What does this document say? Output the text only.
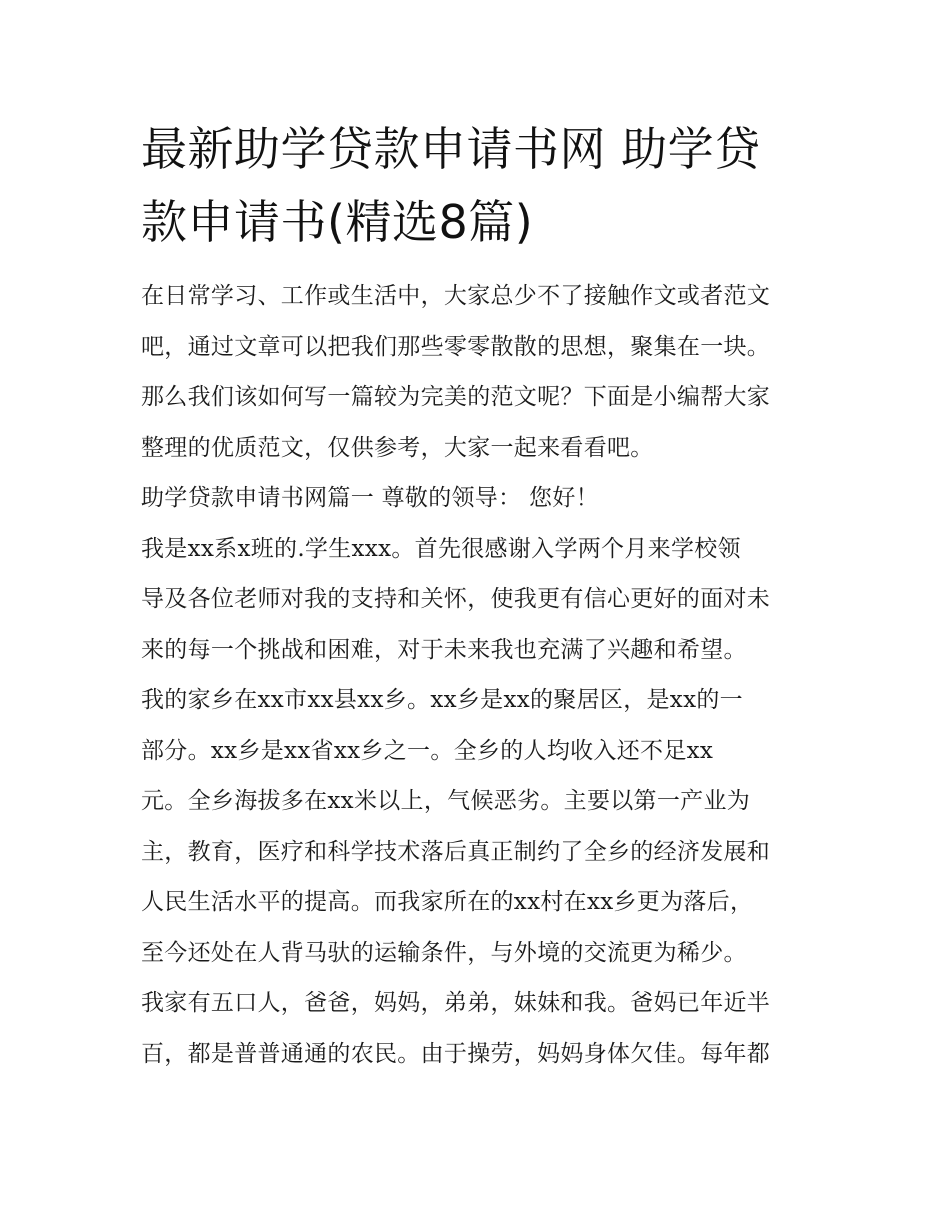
最新助学贷款申请书网 助学贷
款申请书(精选8篇)

在日常学习、工作或生活中，大家总少不了接触作文或者范文
吧，通过文章可以把我们那些零零散散的思想，聚集在一块。
那么我们该如何写一篇较为完美的范文呢？下面是小编帮大家
整理的优质范文，仅供参考，大家一起来看看吧。

助学贷款申请书网篇一 尊敬的领导： 您好！

我是xx系x班的.学生xxx。首先很感谢入学两个月来学校领
导及各位老师对我的支持和关怀，使我更有信心更好的面对未
来的每一个挑战和困难，对于未来我也充满了兴趣和希望。

我的家乡在xx市xx县xx乡。xx乡是xx的聚居区，是xx的一
部分。xx乡是xx省xx乡之一。全乡的人均收入还不足xx
元。全乡海拔多在xx米以上，气候恶劣。主要以第一产业为
主，教育，医疗和科学技术落后真正制约了全乡的经济发展和
人民生活水平的提高。而我家所在的xx村在xx乡更为落后，
至今还处在人背马驮的运输条件，与外境的交流更为稀少。

我家有五口人，爸爸，妈妈，弟弟，妹妹和我。爸妈已年近半
百，都是普普通通的农民。由于操劳，妈妈身体欠佳。每年都
